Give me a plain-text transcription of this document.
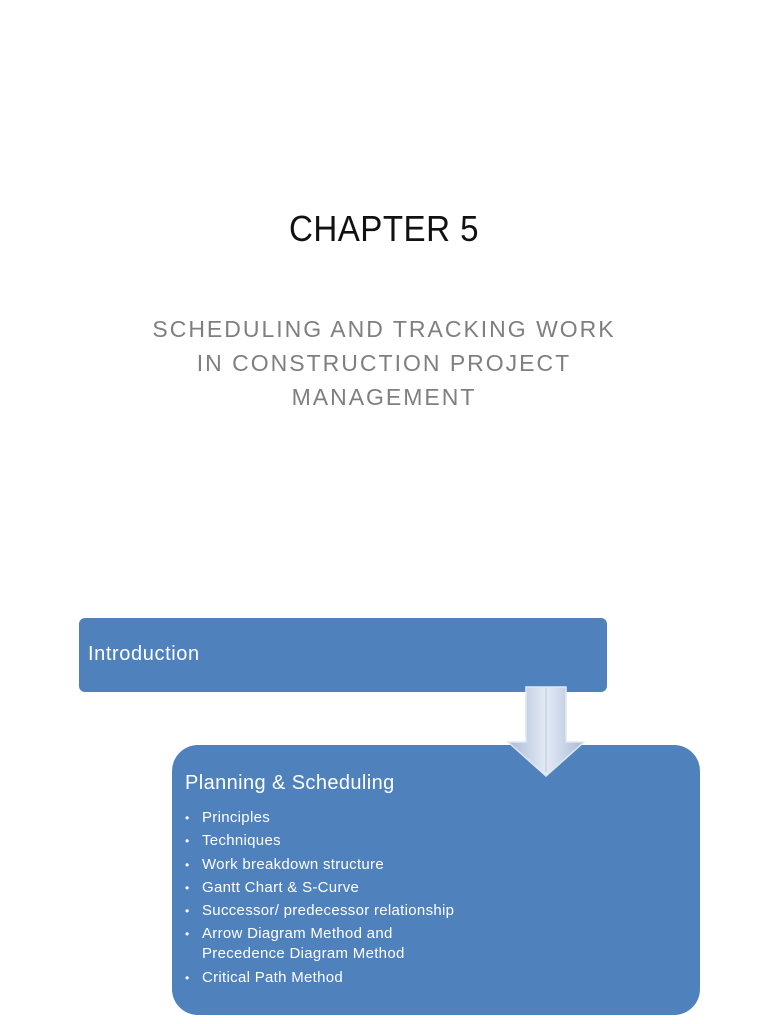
CHAPTER 5
SCHEDULING AND TRACKING WORK
IN CONSTRUCTION PROJECT
MANAGEMENT
Introduction
Planning & Scheduling
• Principles
• Techniques
• Work breakdown structure
• Gantt Chart & S-Curve
• Successor/ predecessor relationship
• Arrow Diagram Method and
Precedence Diagram Method
• Critical Path Method
